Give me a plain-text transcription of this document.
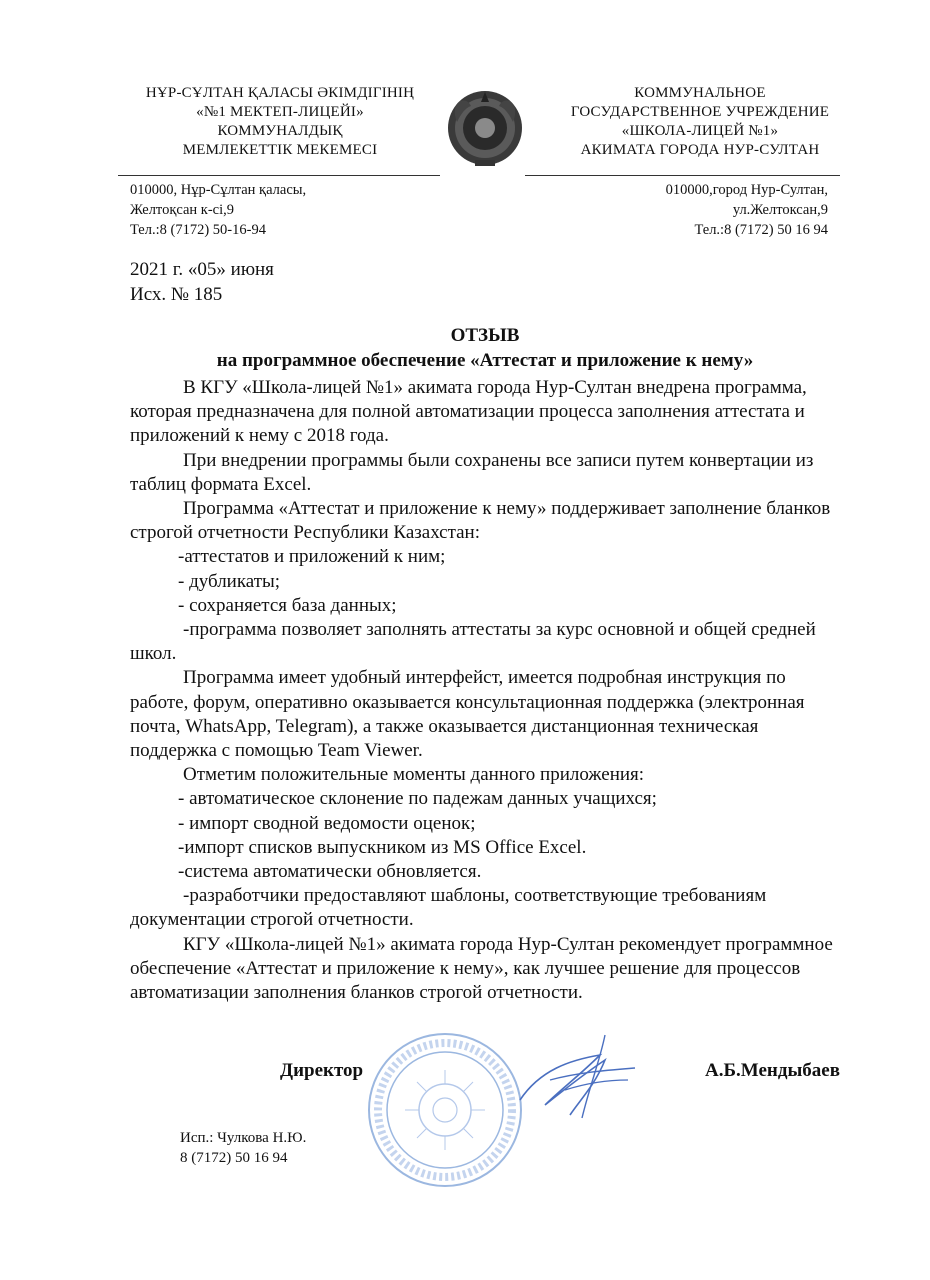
НҰР-СҰЛТАН ҚАЛАСЫ ӘКІМДІГІНІҢ
«№1 МЕКТЕП-ЛИЦЕЙІ»
КОММУНАЛДЫҚ
МЕМЛЕКЕТТІК МЕКЕМЕСІ
КОММУНАЛЬНОЕ
ГОСУДАРСТВЕННОЕ УЧРЕЖДЕНИЕ
«ШКОЛА-ЛИЦЕЙ №1»
АКИМАТА ГОРОДА НУР-СУЛТАН
010000, Нұр-Сұлтан қаласы,
Желтоқсан к-сі,9
Тел.:8 (7172) 50-16-94
010000,город Нур-Султан,
ул.Желтоксан,9
Тел.:8 (7172) 50 16 94
2021 г. «05» июня
Исх. № 185
ОТЗЫВ
на программное обеспечение «Аттестат и приложение к нему»

В КГУ «Школа-лицей №1» акимата города Нур-Султан внедрена программа, которая предназначена для полной автоматизации процесса заполнения аттестата и приложений к нему с 2018 года.

При внедрении программы были сохранены все записи путем конвертации из таблиц формата Excel.

Программа «Аттестат и приложение к нему» поддерживает заполнение бланков строгой отчетности Республики Казахстан:

-аттестатов и приложений к ним;

- дубликаты;

- сохраняется база данных;

-программа позволяет заполнять аттестаты за курс основной и общей средней школ.

Программа имеет удобный интерфейст, имеется подробная инструкция по работе, форум, оперативно оказывается консультационная поддержка (электронная почта, WhatsApp, Telegram), а также оказывается дистанционная техническая поддержка с помощью Team Viewer.

Отметим положительные моменты данного приложения:

- автоматическое склонение по падежам данных учащихся;

- импорт сводной ведомости оценок;

-импорт списков выпускником из MS Office Excel.

-система автоматически обновляется.

-разработчики предоставляют шаблоны, соответствующие требованиям документации строгой отчетности.

КГУ «Школа-лицей №1» акимата города Нур-Султан рекомендует программное обеспечение «Аттестат и приложение к нему», как лучшее решение для процессов автоматизации заполнения бланков строгой отчетности.

Директор	А.Б.Мендыбаев
Исп.: Чулкова Н.Ю.
8 (7172) 50 16 94
